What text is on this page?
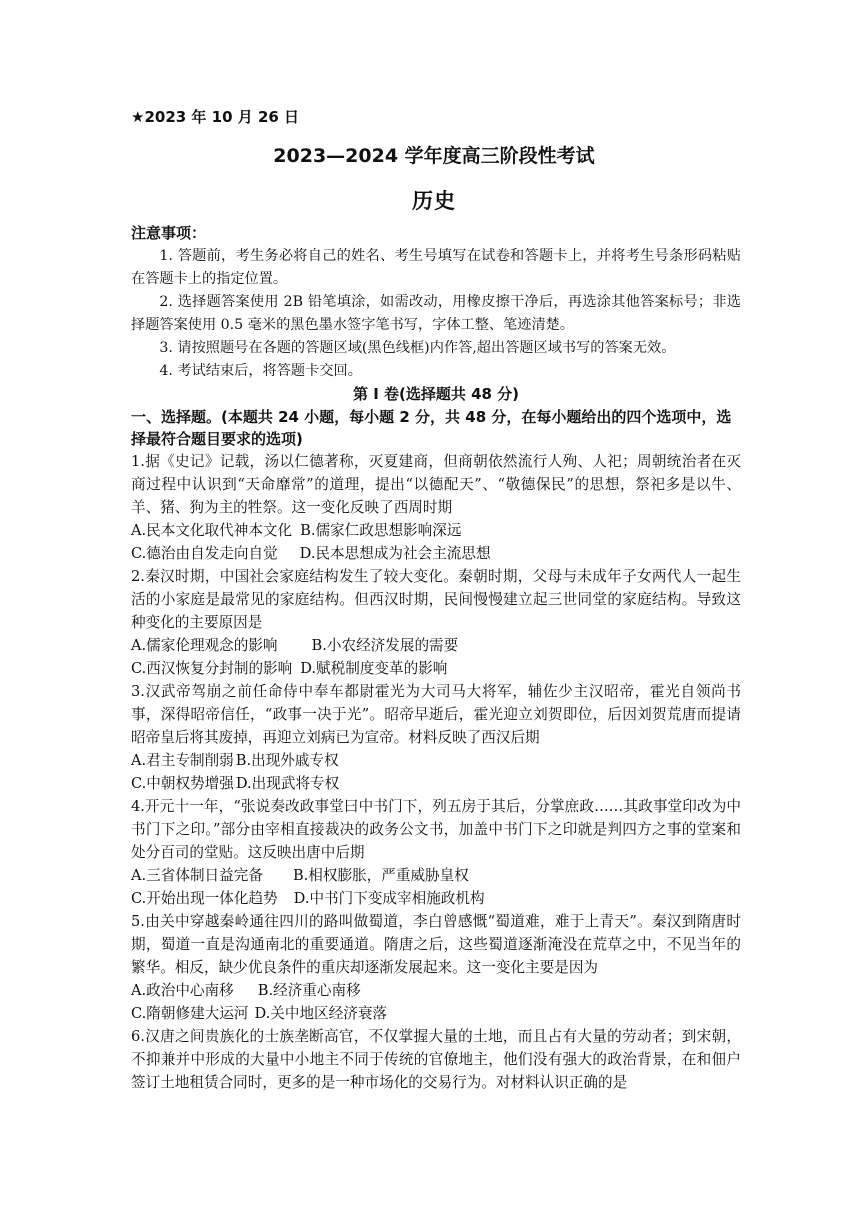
★2023 年 10 月 26 日
2023—2024 学年度高三阶段性考试
历史
注意事项：

1. 答题前，考生务必将自己的姓名、考生号填写在试卷和答题卡上，并将考生号条形码粘贴在答题卡上的指定位置。

2. 选择题答案使用 2B 铅笔填涂，如需改动，用橡皮擦干净后，再选涂其他答案标号；非选择题答案使用 0.5 毫米的黑色墨水签字笔书写，字体工整、笔迹清楚。

3. 请按照题号在各题的答题区域(黑色线框)内作答,超出答题区域书写的答案无效。

4. 考试结束后，将答题卡交回。

第 I 卷(选择题共 48 分)

一、选择题。(本题共 24 小题，每小题 2 分，共 48 分，在每小题给出的四个选项中，选择最符合题目要求的选项)

1.据《史记》记载，汤以仁德著称，灭夏建商，但商朝依然流行人殉、人祀；周朝统治者在灭商过程中认识到“天命靡常”的道理，提出“以德配天”、“敬德保民”的思想，祭祀多是以牛、羊、猪、狗为主的牲祭。这一变化反映了西周时期

A.民本文化取代神本文化 B.儒家仁政思想影响深远

C.德治由自发走向自觉 D.民本思想成为社会主流思想

2.秦汉时期，中国社会家庭结构发生了较大变化。秦朝时期，父母与未成年子女两代人一起生活的小家庭是最常见的家庭结构。但西汉时期，民间慢慢建立起三世同堂的家庭结构。导致这种变化的主要原因是

A.儒家伦理观念的影响 B.小农经济发展的需要

C.西汉恢复分封制的影响 D.赋税制度变革的影响

3.汉武帝驾崩之前任命侍中奉车都尉霍光为大司马大将军，辅佐少主汉昭帝，霍光自领尚书事，深得昭帝信任，“政事一决于光”。昭帝早逝后，霍光迎立刘贺即位，后因刘贺荒唐而提请昭帝皇后将其废掉，再迎立刘病已为宣帝。材料反映了西汉后期

A.君主专制削弱 B.出现外戚专权

C.中朝权势增强 D.出现武将专权

4.开元十一年，“张说奏改政事堂曰中书门下，列五房于其后，分掌庶政……其政事堂印改为中书门下之印。”部分由宰相直接裁决的政务公文书，加盖中书门下之印就是判四方之事的堂案和处分百司的堂贴。这反映出唐中后期

A.三省体制日益完备 B.相权膨胀，严重威胁皇权

C.开始出现一体化趋势 D.中书门下变成宰相施政机构

5.由关中穿越秦岭通往四川的路叫做蜀道，李白曾感慨“蜀道难，难于上青天”。秦汉到隋唐时期，蜀道一直是沟通南北的重要通道。隋唐之后，这些蜀道逐渐淹没在荒草之中，不见当年的繁华。相反，缺少优良条件的重庆却逐渐发展起来。这一变化主要是因为

A.政治中心南移 B.经济重心南移

C.隋朝修建大运河 D.关中地区经济衰落

6.汉唐之间贵族化的士族垄断高官，不仅掌握大量的土地，而且占有大量的劳动者；到宋朝，不抑兼并中形成的大量中小地主不同于传统的官僚地主，他们没有强大的政治背景，在和佃户签订土地租赁合同时，更多的是一种市场化的交易行为。对材料认识正确的是
